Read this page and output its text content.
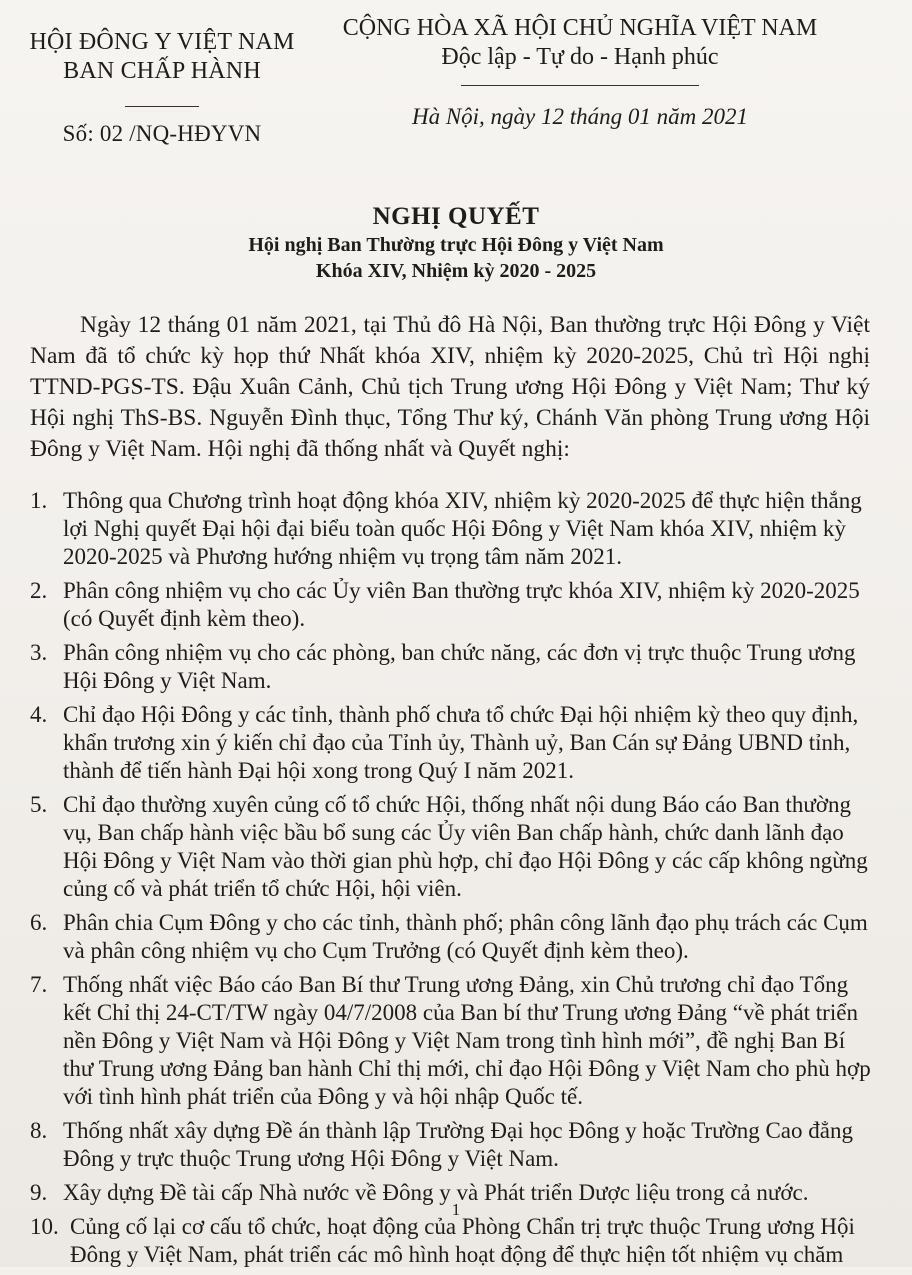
HỘI ĐÔNG Y VIỆT NAM
BAN CHẤP HÀNH
Số: 02 /NQ-HĐYVN
CỘNG HÒA XÃ HỘI CHỦ NGHĨA VIỆT NAM
Độc lập - Tự do - Hạnh phúc
Hà Nội, ngày 12 tháng 01 năm 2021
NGHỊ QUYẾT
Hội nghị Ban Thường trực Hội Đông y Việt Nam
Khóa XIV, Nhiệm kỳ 2020 - 2025
Ngày 12 tháng 01 năm 2021, tại Thủ đô Hà Nội, Ban thường trực Hội Đông y Việt Nam đã tổ chức kỳ họp thứ Nhất khóa XIV, nhiệm kỳ 2020-2025, Chủ trì Hội nghị TTND-PGS-TS. Đậu Xuân Cảnh, Chủ tịch Trung ương Hội Đông y Việt Nam; Thư ký Hội nghị ThS-BS. Nguyễn Đình thục, Tổng Thư ký, Chánh Văn phòng Trung ương Hội Đông y Việt Nam. Hội nghị đã thống nhất và Quyết nghị:
1. Thông qua Chương trình hoạt động khóa XIV, nhiệm kỳ 2020-2025 để thực hiện thắng lợi Nghị quyết Đại hội đại biểu toàn quốc Hội Đông y Việt Nam khóa XIV, nhiệm kỳ 2020-2025 và Phương hướng nhiệm vụ trọng tâm năm 2021.
2. Phân công nhiệm vụ cho các Ủy viên Ban thường trực khóa XIV, nhiệm kỳ 2020-2025 (có Quyết định kèm theo).
3. Phân công nhiệm vụ cho các phòng, ban chức năng, các đơn vị trực thuộc Trung ương Hội Đông y Việt Nam.
4. Chỉ đạo Hội Đông y các tỉnh, thành phố chưa tổ chức Đại hội nhiệm kỳ theo quy định, khẩn trương xin ý kiến chỉ đạo của Tỉnh ủy, Thành uỷ, Ban Cán sự Đảng UBND tỉnh, thành để tiến hành Đại hội xong trong Quý I năm 2021.
5. Chỉ đạo thường xuyên củng cố tổ chức Hội, thống nhất nội dung Báo cáo Ban thường vụ, Ban chấp hành việc bầu bổ sung các Ủy viên Ban chấp hành, chức danh lãnh đạo Hội Đông y Việt Nam vào thời gian phù hợp, chỉ đạo Hội Đông y các cấp không ngừng củng cố và phát triển tổ chức Hội, hội viên.
6. Phân chia Cụm Đông y cho các tỉnh, thành phố; phân công lãnh đạo phụ trách các Cụm và phân công nhiệm vụ cho Cụm Trưởng (có Quyết định kèm theo).
7. Thống nhất việc Báo cáo Ban Bí thư Trung ương Đảng, xin Chủ trương chỉ đạo Tổng kết Chỉ thị 24-CT/TW ngày 04/7/2008 của Ban bí thư Trung ương Đảng “về phát triển nền Đông y Việt Nam và Hội Đông y Việt Nam trong tình hình mới”, đề nghị Ban Bí thư Trung ương Đảng ban hành Chỉ thị mới, chỉ đạo Hội Đông y Việt Nam cho phù hợp với tình hình phát triển của Đông y và hội nhập Quốc tế.
8. Thống nhất xây dựng Đề án thành lập Trường Đại học Đông y hoặc Trường Cao đẳng Đông y trực thuộc Trung ương Hội Đông y Việt Nam.
9. Xây dựng Đề tài cấp Nhà nước về Đông y và Phát triển Dược liệu trong cả nước.
10. Củng cố lại cơ cấu tổ chức, hoạt động của Phòng Chẩn trị trực thuộc Trung ương Hội Đông y Việt Nam, phát triển các mô hình hoạt động để thực hiện tốt nhiệm vụ chăm
1
